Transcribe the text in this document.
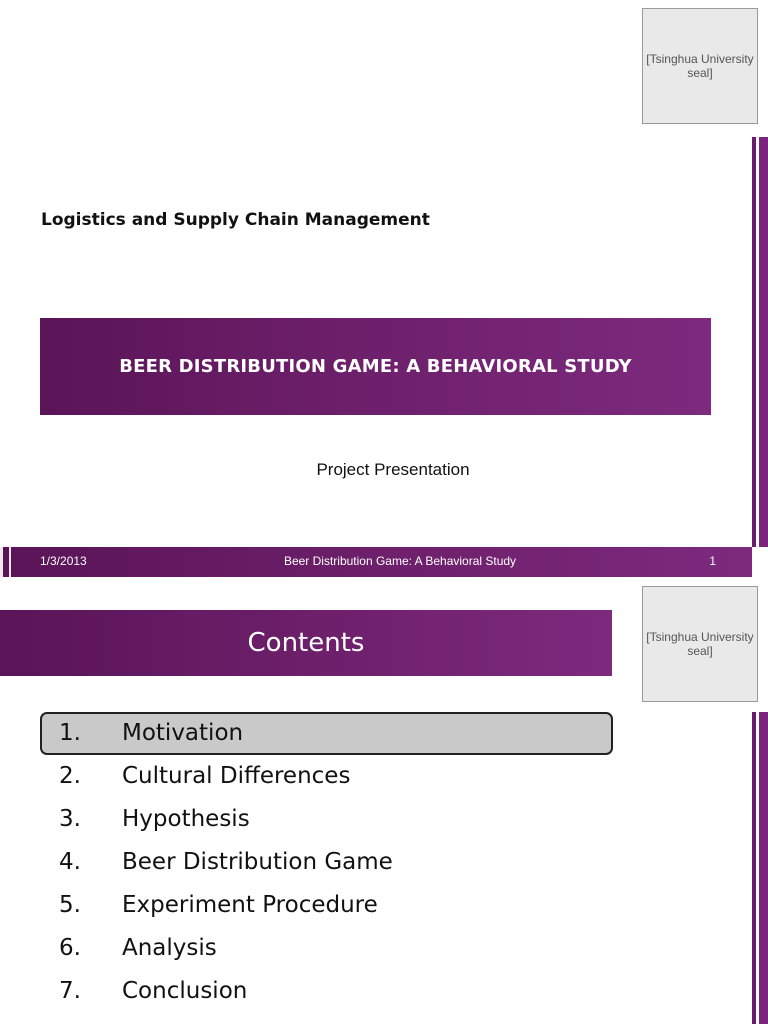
[Tsinghua University seal]
Logistics and Supply Chain Management
BEER DISTRIBUTION GAME: A BEHAVIORAL STUDY
Project Presentation
1/3/2013	Beer Distribution Game: A Behavioral Study	1
[Tsinghua University seal]
Contents
1. Motivation
2. Cultural Differences
3. Hypothesis
4. Beer Distribution Game
5. Experiment Procedure
6. Analysis
7. Conclusion
